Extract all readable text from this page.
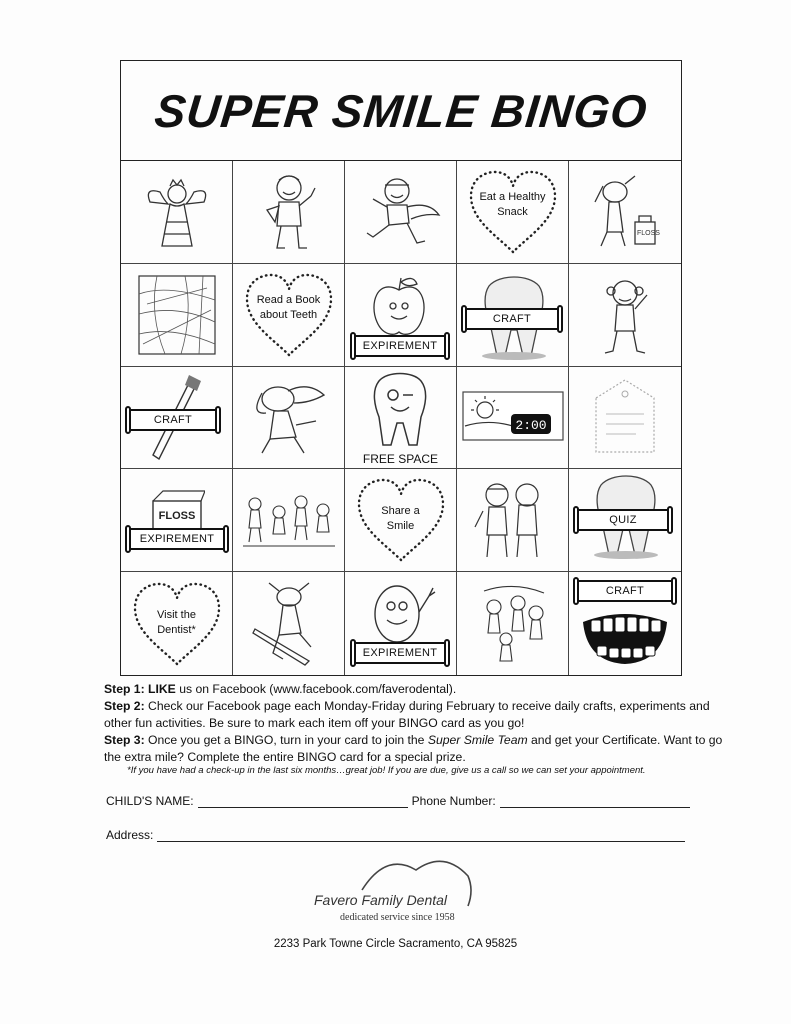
SUPER SMILE BINGO
Eat a Healthy Snack
FLOSS
Read a Book about Teeth
EXPIREMENT
CRAFT
CRAFT
FREE SPACE
2:00
FLOSS
EXPIREMENT
Share a Smile	QUIZ
Visit the Dentist*
EXPIREMENT
CRAFT

Step 1: LIKE us on Facebook (www.facebook.com/faverodental).

Step 2: Check our Facebook page each Monday-Friday during February to receive daily crafts, experiments and other fun activities. Be sure to mark each item off your BINGO card as you go!

Step 3: Once you get a BINGO, turn in your card to join the Super Smile Team and get your Certificate. Want to go the extra mile? Complete the entire BINGO card for a special prize.

*If you have had a check-up in the last six months…great job! If you are due, give us a call so we can set your appointment.
CHILD'S NAME:	Phone Number:
Address:
Favero Family Dental
dedicated service since 1958
2233 Park Towne Circle Sacramento, CA 95825
